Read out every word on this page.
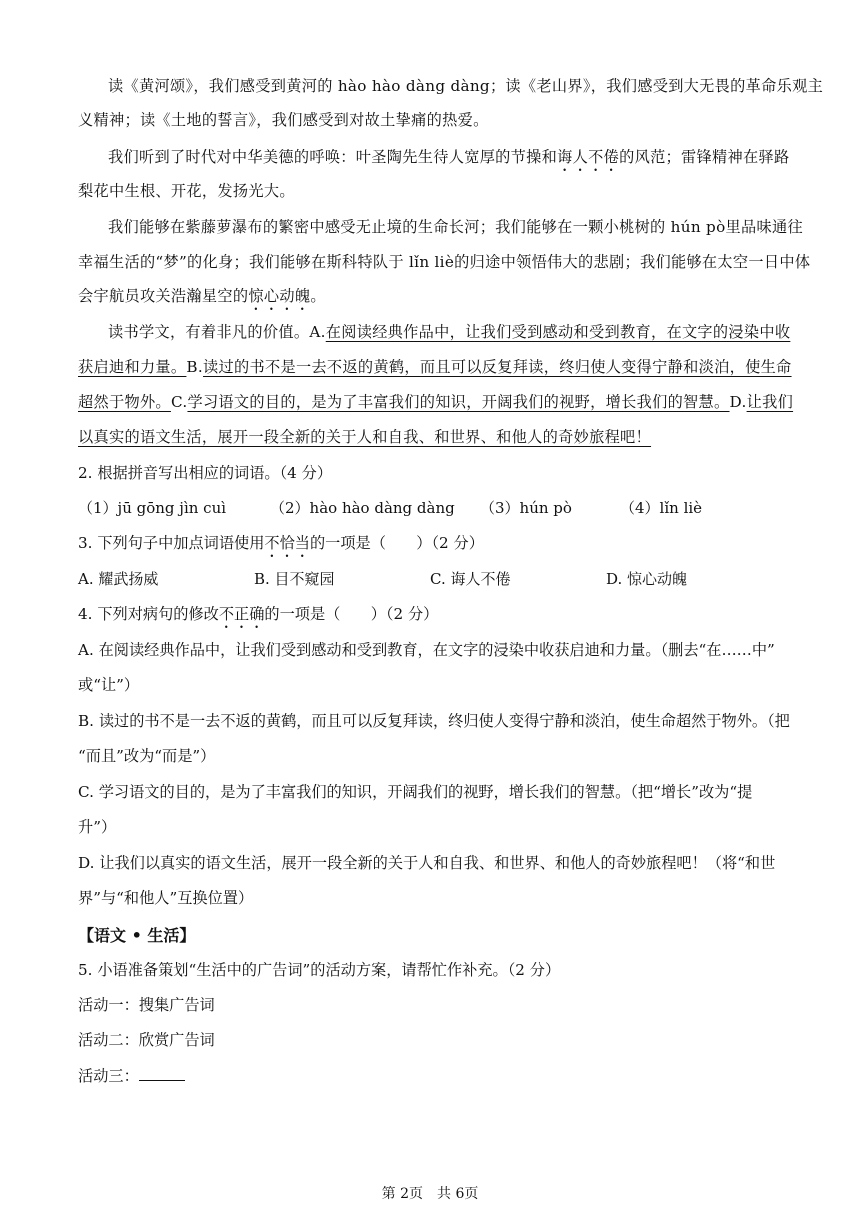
读《黄河颂》，我们感受到黄河的 hào hào dàng dàng；读《老山界》，我们感受到大无畏的革命乐观主
义精神；读《土地的誓言》，我们感受到对故土挚痛的热爱。
我们听到了时代对中华美德的呼唤：叶圣陶先生待人宽厚的节操和诲人不倦的风范；雷锋精神在驿路
梨花中生根、开花，发扬光大。
我们能够在紫藤萝瀑布的繁密中感受无止境的生命长河；我们能够在一颗小桃树的 hún pò里品味通往
幸福生活的“梦”的化身；我们能够在斯科特队于 lǐn liè的归途中领悟伟大的悲剧；我们能够在太空一日中体
会宇航员攻关浩瀚星空的惊心动魄。
读书学文，有着非凡的价值。A.在阅读经典作品中，让我们受到感动和受到教育，在文字的浸染中收
获启迪和力量。B.读过的书不是一去不返的黄鹤，而且可以反复拜读，终归使人变得宁静和淡泊，使生命
超然于物外。C.学习语文的目的，是为了丰富我们的知识，开阔我们的视野，增长我们的智慧。D.让我们
以真实的语文生活，展开一段全新的关于人和自我、和世界、和他人的奇妙旅程吧！
2. 根据拼音写出相应的词语。（4 分）
（1）jū gōng jìn cuì	（2）hào hào dàng dàng （3）hún pò	（4）lǐn liè
3. 下列句子中加点词语使用不恰当的一项是（　　）（2 分）
A. 耀武扬威	B. 目不窥园	C. 诲人不倦	D. 惊心动魄
4. 下列对病句的修改不正确的一项是（　　）（2 分）
A. 在阅读经典作品中，让我们受到感动和受到教育，在文字的浸染中收获启迪和力量。（删去“在……中”
或“让”）
B. 读过的书不是一去不返的黄鹤，而且可以反复拜读，终归使人变得宁静和淡泊，使生命超然于物外。（把
“而且”改为“而是”）
C. 学习语文的目的，是为了丰富我们的知识，开阔我们的视野，增长我们的智慧。（把“增长”改为“提
升”）
D. 让我们以真实的语文生活，展开一段全新的关于人和自我、和世界、和他人的奇妙旅程吧！（将“和世
界”与“和他人”互换位置）
【语文 • 生活】
5. 小语准备策划“生活中的广告词”的活动方案，请帮忙作补充。（2 分）
活动一：搜集广告词
活动二：欣赏广告词
活动三：
第 2页　共 6页
